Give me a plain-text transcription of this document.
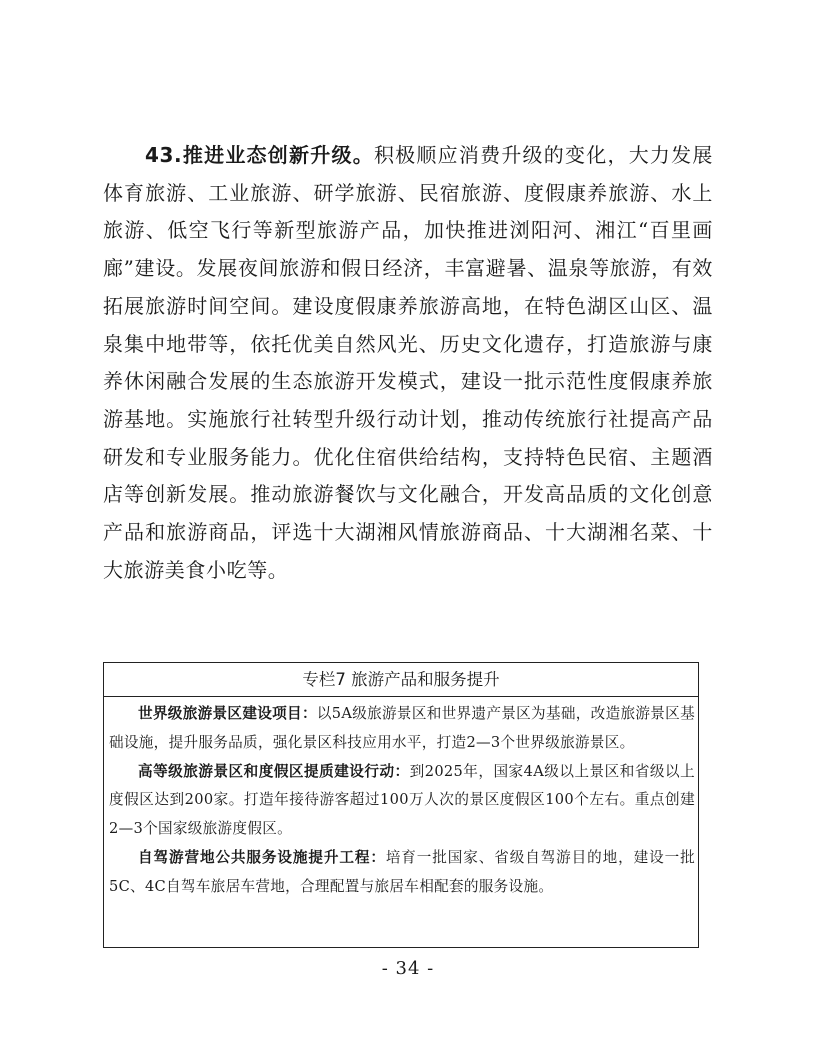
43.推进业态创新升级。积极顺应消费升级的变化，大力发展体育旅游、工业旅游、研学旅游、民宿旅游、度假康养旅游、水上旅游、低空飞行等新型旅游产品，加快推进浏阳河、湘江“百里画廊”建设。发展夜间旅游和假日经济，丰富避暑、温泉等旅游，有效拓展旅游时间空间。建设度假康养旅游高地，在特色湖区山区、温泉集中地带等，依托优美自然风光、历史文化遗存，打造旅游与康养休闲融合发展的生态旅游开发模式，建设一批示范性度假康养旅游基地。实施旅行社转型升级行动计划，推动传统旅行社提高产品研发和专业服务能力。优化住宿供给结构，支持特色民宿、主题酒店等创新发展。推动旅游餐饮与文化融合，开发高品质的文化创意产品和旅游商品，评选十大湖湘风情旅游商品、十大湖湘名菜、十大旅游美食小吃等。

专栏7 旅游产品和服务提升

世界级旅游景区建设项目：以5A级旅游景区和世界遗产景区为基础，改造旅游景区基础设施，提升服务品质，强化景区科技应用水平，打造2—3个世界级旅游景区。

高等级旅游景区和度假区提质建设行动：到2025年，国家4A级以上景区和省级以上度假区达到200家。打造年接待游客超过100万人次的景区度假区100个左右。重点创建2—3个国家级旅游度假区。

自驾游营地公共服务设施提升工程：培育一批国家、省级自驾游目的地，建设一批5C、4C自驾车旅居车营地，合理配置与旅居车相配套的服务设施。

- 34 -
